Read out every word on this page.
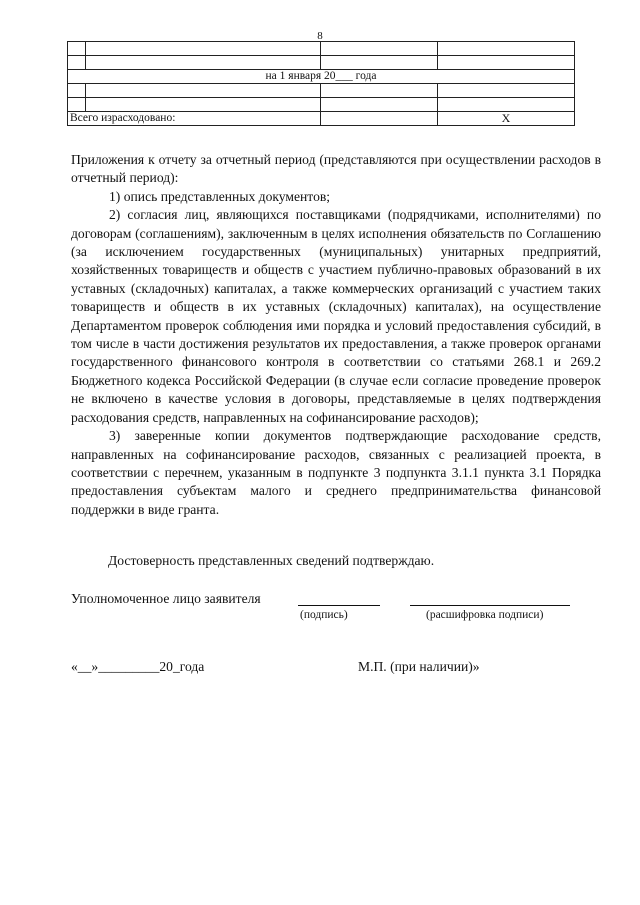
8

на 1 января 20___ года			

Всего израсходовано:			X

Приложения к отчету за отчетный период (представляются при осуществлении расходов в отчетный период):

1) опись представленных документов;

2) согласия лиц, являющихся поставщиками (подрядчиками, исполнителями) по договорам (соглашениям), заключенным в целях исполнения обязательств по Соглашению (за исключением государственных (муниципальных) унитарных предприятий, хозяйственных товариществ и обществ с участием публично-правовых образований в их уставных (складочных) капиталах, а также коммерческих организаций с участием таких товариществ и обществ в их уставных (складочных) капиталах), на осуществление Департаментом проверок соблюдения ими порядка и условий предоставления субсидий, в том числе в части достижения результатов их предоставления, а также проверок органами государственного финансового контроля в соответствии со статьями 268.1 и 269.2 Бюджетного кодекса Российской Федерации (в случае если согласие проведение проверок не включено в качестве условия в договоры, представляемые в целях подтверждения расходования средств, направленных на софинансирование расходов);

3) заверенные копии документов подтверждающие расходование средств, направленных на софинансирование расходов, связанных с реализацией проекта, в соответствии с перечнем, указанным в подпункте 3 подпункта 3.1.1 пункта 3.1 Порядка предоставления субъектам малого и среднего предпринимательства финансовой поддержки в виде гранта.

Достоверность представленных сведений подтверждаю.
Уполномоченное лицо заявителя
(подпись)	(расшифровка подписи)
«__»_________20_года	М.П. (при наличии)»
